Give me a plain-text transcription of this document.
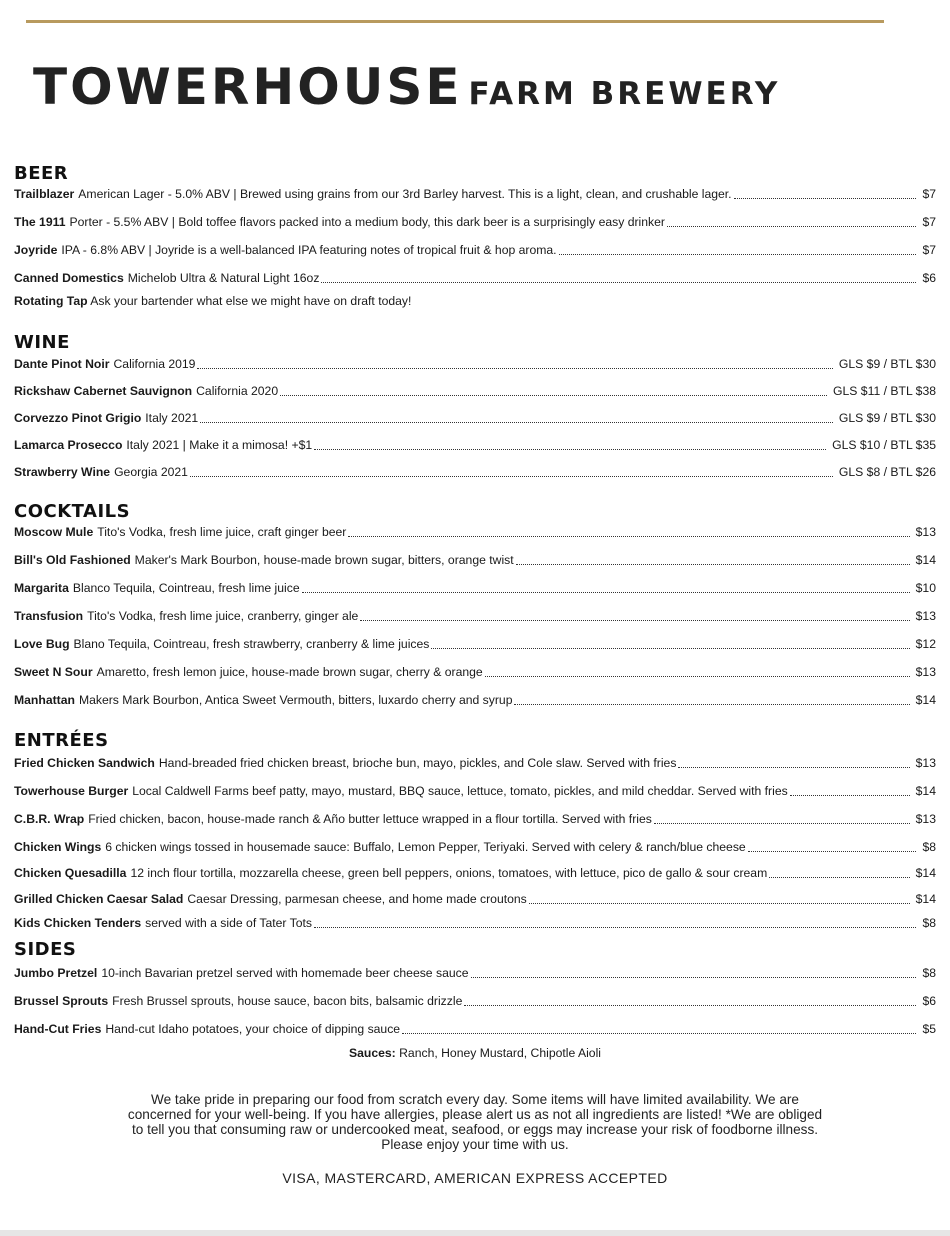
TOWERHOUSE FARM BREWERY
BEER
Trailblazer American Lager - 5.0% ABV | Brewed using grains from our 3rd Barley harvest. This is a light, clean, and crushable lager.	$7
The 1911 Porter - 5.5% ABV | Bold toffee flavors packed into a medium body, this dark beer is a surprisingly easy drinker	$7
Joyride IPA - 6.8% ABV | Joyride is a well-balanced IPA featuring notes of tropical fruit & hop aroma.	$7
Canned Domestics Michelob Ultra & Natural Light 16oz	$6
Rotating Tap Ask your bartender what else we might have on draft today!
WINE
Dante Pinot Noir California 2019	GLS $9 / BTL $30
Rickshaw Cabernet Sauvignon California 2020	GLS $11 / BTL $38
Corvezzo Pinot Grigio Italy 2021	GLS $9 / BTL $30
Lamarca Prosecco Italy 2021 | Make it a mimosa! +$1	GLS $10 / BTL $35
Strawberry Wine Georgia 2021	GLS $8 / BTL $26
COCKTAILS
Moscow Mule Tito's Vodka, fresh lime juice, craft ginger beer	$13
Bill's Old Fashioned Maker's Mark Bourbon, house-made brown sugar, bitters, orange twist	$14
Margarita Blanco Tequila, Cointreau, fresh lime juice	$10
Transfusion Tito's Vodka, fresh lime juice, cranberry, ginger ale	$13
Love Bug Blano Tequila, Cointreau, fresh strawberry, cranberry & lime juices	$12
Sweet N Sour Amaretto, fresh lemon juice, house-made brown sugar, cherry & orange	$13
Manhattan Makers Mark Bourbon, Antica Sweet Vermouth, bitters, luxardo cherry and syrup	$14
ENTRÉES
Fried Chicken Sandwich Hand-breaded fried chicken breast, brioche bun, mayo, pickles, and Cole slaw. Served with fries	$13
Towerhouse Burger Local Caldwell Farms beef patty, mayo, mustard, BBQ sauce, lettuce, tomato, pickles, and mild cheddar. Served with fries	$14
C.B.R. Wrap Fried chicken, bacon, house-made ranch & Año butter lettuce wrapped in a flour tortilla. Served with fries	$13
Chicken Wings 6 chicken wings tossed in housemade sauce: Buffalo, Lemon Pepper, Teriyaki. Served with celery & ranch/blue cheese	$8
Chicken Quesadilla 12 inch flour tortilla, mozzarella cheese, green bell peppers, onions, tomatoes, with lettuce, pico de gallo & sour cream	$14
Grilled Chicken Caesar Salad Caesar Dressing, parmesan cheese, and home made croutons	$14
Kids Chicken Tenders served with a side of Tater Tots	$8
SIDES
Jumbo Pretzel 10-inch Bavarian pretzel served with homemade beer cheese sauce	$8
Brussel Sprouts Fresh Brussel sprouts, house sauce, bacon bits, balsamic drizzle	$6
Hand-Cut Fries Hand-cut Idaho potatoes, your choice of dipping sauce	$5
Sauces: Ranch, Honey Mustard, Chipotle Aioli
We take pride in preparing our food from scratch every day. Some items will have limited availability. We are
concerned for your well-being. If you have allergies, please alert us as not all ingredients are listed! *We are obliged
to tell you that consuming raw or undercooked meat, seafood, or eggs may increase your risk of foodborne illness.
Please enjoy your time with us.
VISA, MASTERCARD, AMERICAN EXPRESS ACCEPTED
